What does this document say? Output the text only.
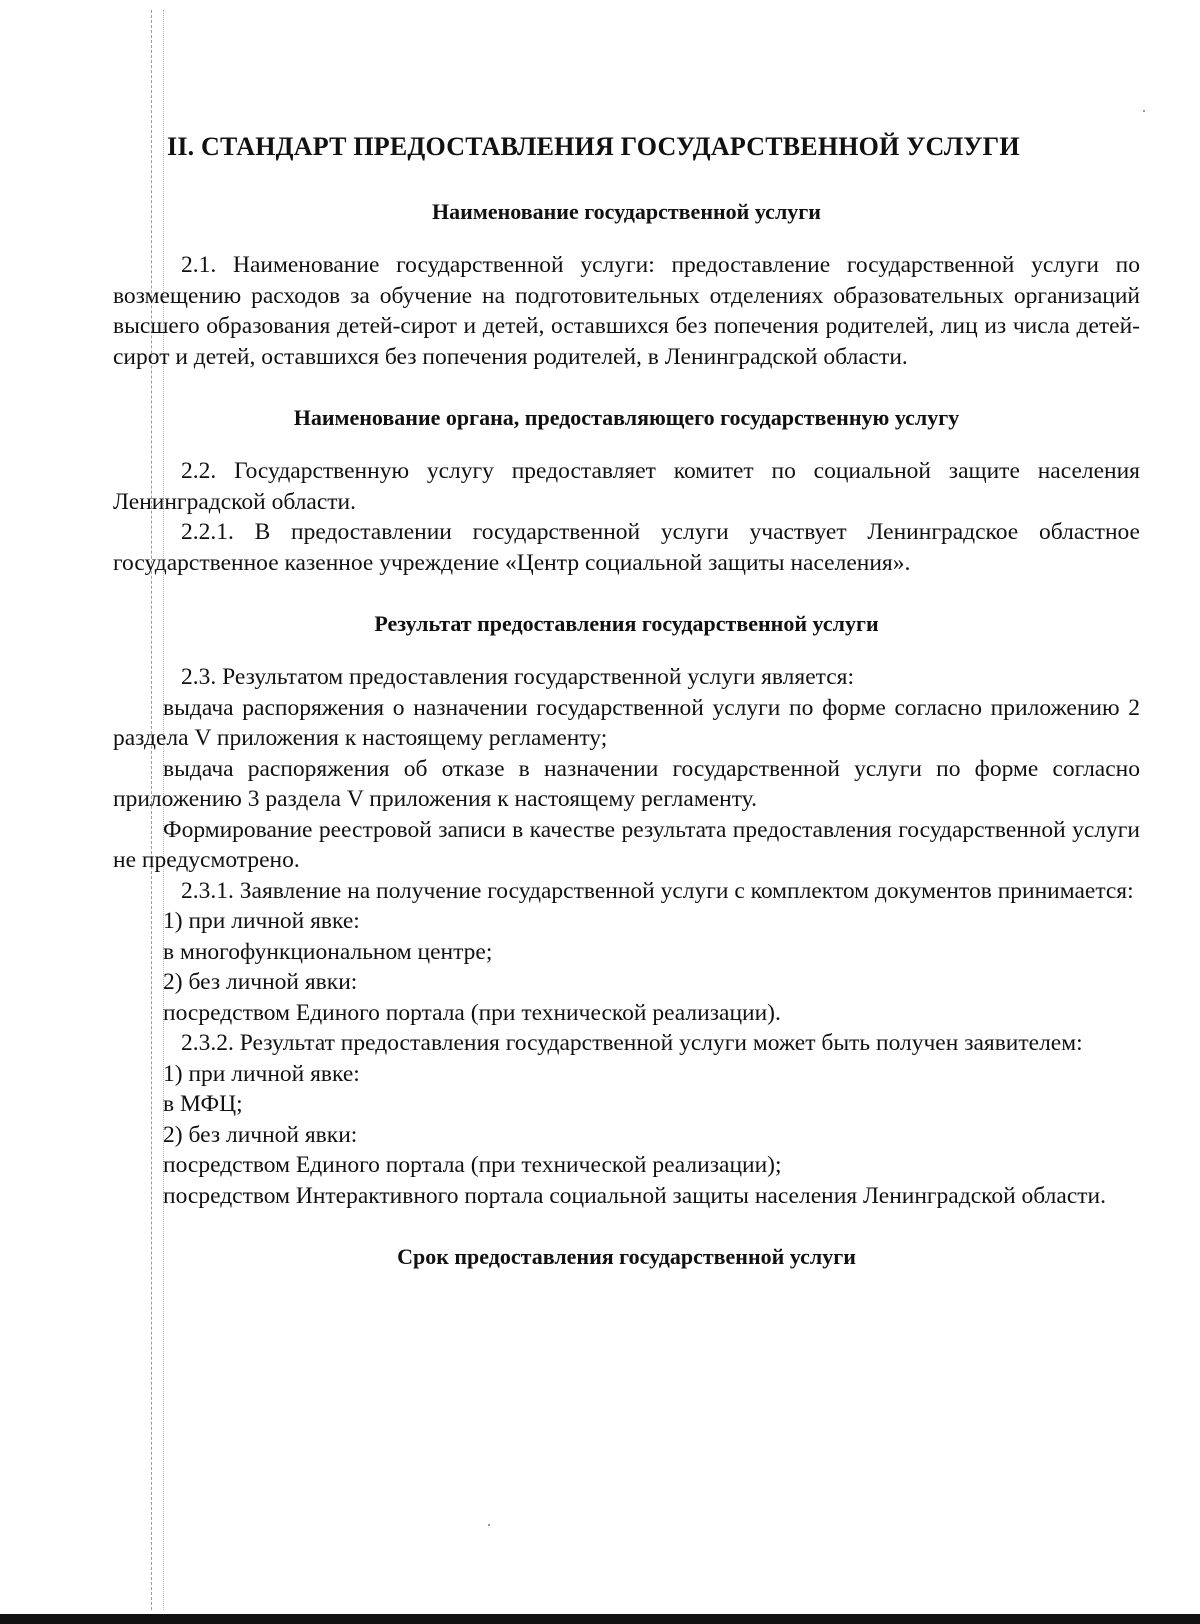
II. СТАНДАРТ ПРЕДОСТАВЛЕНИЯ ГОСУДАРСТВЕННОЙ УСЛУГИ
Наименование государственной услуги

2.1. Наименование государственной услуги: предоставление государственной услуги по возмещению расходов за обучение на подготовительных отделениях образовательных организаций высшего образования детей-сирот и детей, оставшихся без попечения родителей, лиц из числа детей-сирот и детей, оставшихся без попечения родителей, в Ленинградской области.

Наименование органа, предоставляющего государственную услугу

2.2. Государственную услугу предоставляет комитет по социальной защите населения Ленинградской области.

2.2.1. В предоставлении государственной услуги участвует Ленинградское областное государственное казенное учреждение «Центр социальной защиты населения».

Результат предоставления государственной услуги

2.3. Результатом предоставления государственной услуги является:

выдача распоряжения о назначении государственной услуги по форме согласно приложению 2 раздела V приложения к настоящему регламенту;

выдача распоряжения об отказе в назначении государственной услуги по форме согласно приложению 3 раздела V приложения к настоящему регламенту.

Формирование реестровой записи в качестве результата предоставления государственной услуги не предусмотрено.

2.3.1. Заявление на получение государственной услуги с комплектом документов принимается:

1) при личной явке:

в многофункциональном центре;

2) без личной явки:

посредством Единого портала (при технической реализации).

2.3.2. Результат предоставления государственной услуги может быть получен заявителем:

1) при личной явке:

в МФЦ;

2) без личной явки:

посредством Единого портала (при технической реализации);

посредством Интерактивного портала социальной защиты населения Ленинградской области.

Срок предоставления государственной услуги
